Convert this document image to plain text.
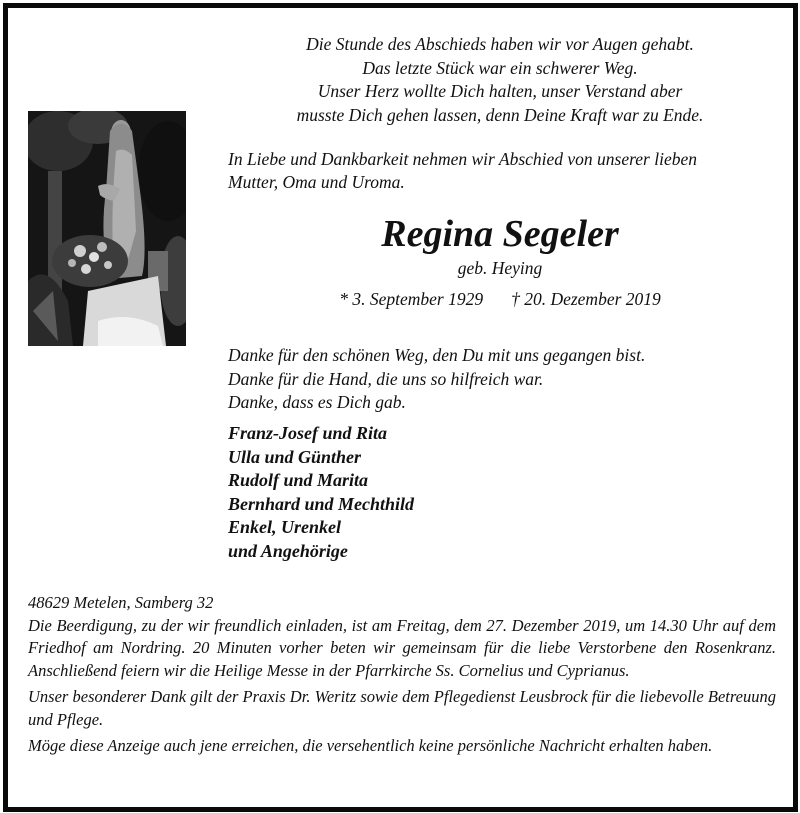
Die Stunde des Abschieds haben wir vor Augen gehabt.
Das letzte Stück war ein schwerer Weg.
Unser Herz wollte Dich halten, unser Verstand aber
musste Dich gehen lassen, denn Deine Kraft war zu Ende.
In Liebe und Dankbarkeit nehmen wir Abschied von unserer lieben
Mutter, Oma und Uroma.
Regina Segeler
geb. Heying
* 3. September 1929 † 20. Dezember 2019
Danke für den schönen Weg, den Du mit uns gegangen bist.
Danke für die Hand, die uns so hilfreich war.
Danke, dass es Dich gab.
Franz-Josef und Rita
Ulla und Günther
Rudolf und Marita
Bernhard und Mechthild
Enkel, Urenkel
und Angehörige

48629 Metelen, Samberg 32

Die Beerdigung, zu der wir freundlich einladen, ist am Freitag, dem 27. Dezember 2019, um 14.30 Uhr auf dem Friedhof am Nordring. 20 Minuten vorher beten wir gemeinsam für die liebe Verstorbene den Rosenkranz. Anschließend feiern wir die Heilige Messe in der Pfarrkirche Ss. Cornelius und Cyprianus.

Unser besonderer Dank gilt der Praxis Dr. Weritz sowie dem Pflegedienst Leusbrock für die liebevolle Betreuung und Pflege.

Möge diese Anzeige auch jene erreichen, die versehentlich keine persönliche Nachricht erhalten haben.
